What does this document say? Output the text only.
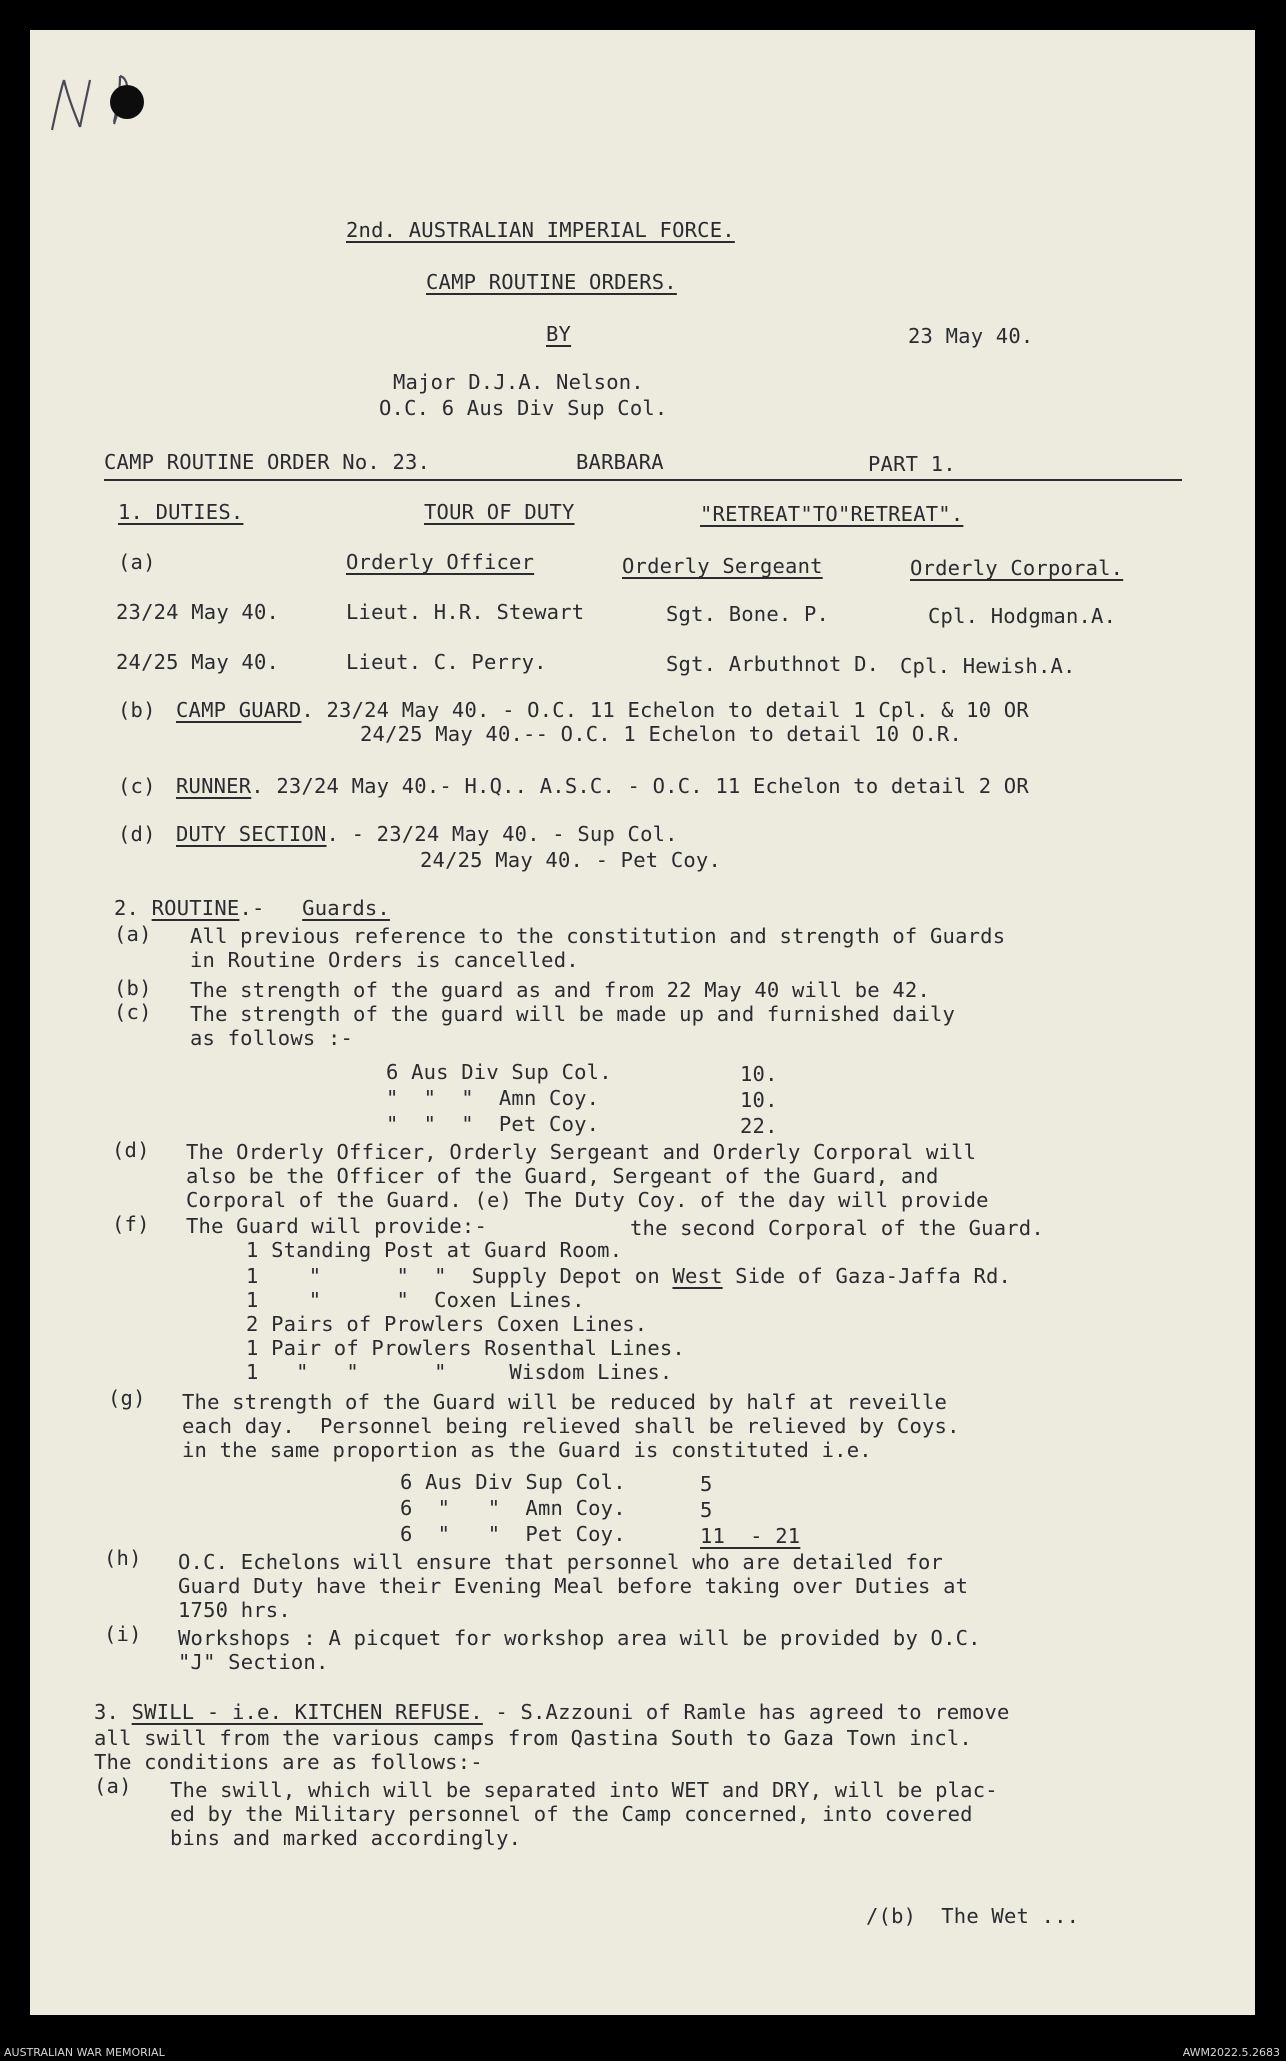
2nd. AUSTRALIAN IMPERIAL FORCE.
CAMP ROUTINE ORDERS.
BY	23 May 40.
Major D.J.A. Nelson.
O.C. 6 Aus Div Sup Col.
CAMP ROUTINE ORDER No. 23.	BARBARA	PART 1.
1. DUTIES.	TOUR OF DUTY	"RETREAT"TO"RETREAT".
(a)	Orderly Officer	Orderly Sergeant	Orderly Corporal.
23/24 May 40.	Lieut. H.R. Stewart	Sgt. Bone. P.	Cpl. Hodgman.A.
24/25 May 40.	Lieut. C. Perry.	Sgt. Arbuthnot D. Cpl. Hewish.A.
(b) CAMP GUARD. 23/24 May 40. - O.C. 11 Echelon to detail 1 Cpl. & 10 OR
24/25 May 40.-- O.C. 1 Echelon to detail 10 O.R.
(c) RUNNER. 23/24 May 40.- H.Q.. A.S.C. - O.C. 11 Echelon to detail 2 OR
(d) DUTY SECTION. - 23/24 May 40. - Sup Col.
24/25 May 40. - Pet Coy.
2. ROUTINE.- Guards.
(a) All previous reference to the constitution and strength of Guards
in Routine Orders is cancelled.
(b) The strength of the guard as and from 22 May 40 will be 42.
(c) The strength of the guard will be made up and furnished daily
as follows :-
6 Aus Div Sup Col.	10.
"  "  "  Amn Coy.	10.
"  "  "  Pet Coy.	22.
(d) The Orderly Officer, Orderly Sergeant and Orderly Corporal will
also be the Officer of the Guard, Sergeant of the Guard, and
Corporal of the Guard. (e) The Duty Coy. of the day will provide
(f) The Guard will provide:-	the second Corporal of the Guard.
1 Standing Post at Guard Room.
1    "      "  "  Supply Depot on West Side of Gaza-Jaffa Rd.
1    "      "  Coxen Lines.
2 Pairs of Prowlers Coxen Lines.
1 Pair of Prowlers Rosenthal Lines.
1   "   "      "     Wisdom Lines.
(g) The strength of the Guard will be reduced by half at reveille
each day.  Personnel being relieved shall be relieved by Coys.
in the same proportion as the Guard is constituted i.e.
6 Aus Div Sup Col.	5
6  "   "  Amn Coy.	5
6  "   "  Pet Coy.	11  - 21
(h) O.C. Echelons will ensure that personnel who are detailed for
Guard Duty have their Evening Meal before taking over Duties at
1750 hrs.
(i) Workshops : A picquet for workshop area will be provided by O.C.
"J" Section.
3. SWILL - i.e. KITCHEN REFUSE. - S.Azzouni of Ramle has agreed to remove
all swill from the various camps from Qastina South to Gaza Town incl.
The conditions are as follows:-
(a) The swill, which will be separated into WET and DRY, will be plac-
ed by the Military personnel of the Camp concerned, into covered
bins and marked accordingly.
/(b)  The Wet ...
AUSTRALIAN WAR MEMORIAL	AWM2022.5.2683
